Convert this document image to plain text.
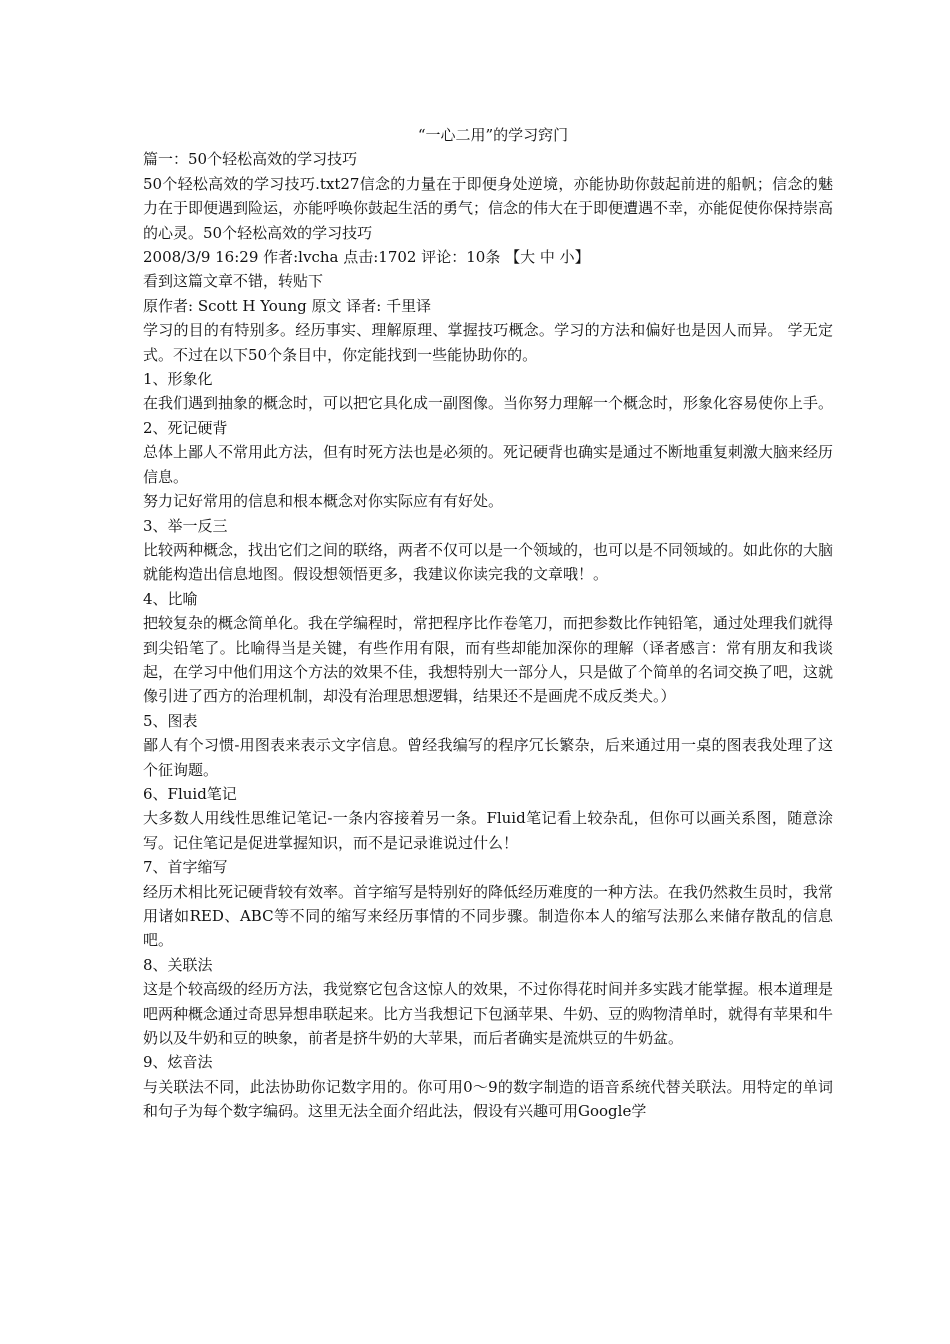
“一心二用”的学习窍门

篇一：50个轻松高效的学习技巧

50个轻松高效的学习技巧.txt27信念的力量在于即便身处逆境，亦能协助你鼓起前进的船帆；信念的魅力在于即便遇到险运，亦能呼唤你鼓起生活的勇气；信念的伟大在于即便遭遇不幸，亦能促使你保持崇高的心灵。50个轻松高效的学习技巧

2008/3/9 16:29 作者:lvcha 点击:1702 评论：10条 【大 中 小】

看到这篇文章不错，转贴下

原作者: Scott H Young 原文 译者: 千里译

学习的目的有特别多。经历事实、理解原理、掌握技巧概念。学习的方法和偏好也是因人而异。 学无定式。不过在以下50个条目中，你定能找到一些能协助你的。

1、形象化

在我们遇到抽象的概念时，可以把它具化成一副图像。当你努力理解一个概念时，形象化容易使你上手。

2、死记硬背

总体上鄙人不常用此方法，但有时死方法也是必须的。死记硬背也确实是通过不断地重复刺激大脑来经历信息。

努力记好常用的信息和根本概念对你实际应有有好处。

3、举一反三

比较两种概念，找出它们之间的联络，两者不仅可以是一个领域的，也可以是不同领域的。如此你的大脑就能构造出信息地图。假设想领悟更多，我建议你读完我的文章哦！。

4、比喻

把较复杂的概念简单化。我在学编程时，常把程序比作卷笔刀，而把参数比作钝铅笔，通过处理我们就得到尖铅笔了。比喻得当是关键，有些作用有限，而有些却能加深你的理解（译者感言：常有朋友和我谈起，在学习中他们用这个方法的效果不佳，我想特别大一部分人，只是做了个简单的名词交换了吧，这就像引进了西方的治理机制，却没有治理思想逻辑，结果还不是画虎不成反类犬。）

5、图表

鄙人有个习惯-用图表来表示文字信息。曾经我编写的程序冗长繁杂，后来通过用一桌的图表我处理了这个征询题。

6、Fluid笔记

大多数人用线性思维记笔记-一条内容接着另一条。Fluid笔记看上较杂乱，但你可以画关系图，随意涂写。记住笔记是促进掌握知识，而不是记录谁说过什么！

7、首字缩写

经历术相比死记硬背较有效率。首字缩写是特别好的降低经历难度的一种方法。在我仍然救生员时，我常用诸如RED、ABC等不同的缩写来经历事情的不同步骤。制造你本人的缩写法那么来储存散乱的信息吧。

8、关联法

这是个较高级的经历方法，我觉察它包含这惊人的效果，不过你得花时间并多实践才能掌握。根本道理是吧两种概念通过奇思异想串联起来。比方当我想记下包涵苹果、牛奶、豆的购物清单时，就得有苹果和牛奶以及牛奶和豆的映象，前者是挤牛奶的大苹果，而后者确实是流烘豆的牛奶盆。

9、炫音法

与关联法不同，此法协助你记数字用的。你可用0～9的数字制造的语音系统代替关联法。用特定的单词和句子为每个数字编码。这里无法全面介绍此法，假设有兴趣可用Google学
